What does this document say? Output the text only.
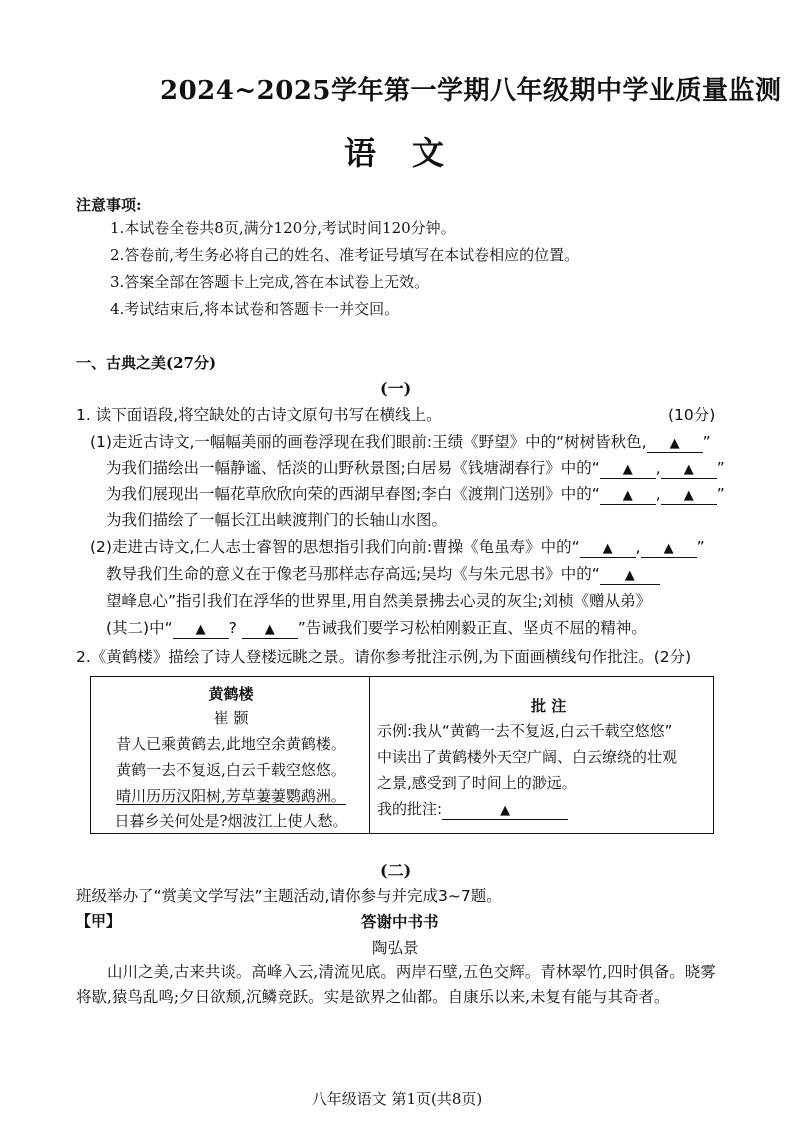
2024~2025学年第一学期八年级期中学业质量监测
语文
注意事项:
1.本试卷全卷共8页,满分120分,考试时间120分钟。
2.答卷前,考生务必将自己的姓名、准考证号填写在本试卷相应的位置。
3.答案全部在答题卡上完成,答在本试卷上无效。
4.考试结束后,将本试卷和答题卡一并交回。
一、古典之美(27分)
(一)
1. 读下面语段,将空缺处的古诗文原句书写在横线上。	(10分)
(1)走近古诗文,一幅幅美丽的画卷浮现在我们眼前:王绩《野望》中的“树树皆秋色, ▲ ”
为我们描绘出一幅静谧、恬淡的山野秋景图;白居易《钱塘湖春行》中的“ ▲ , ▲ ”
为我们展现出一幅花草欣欣向荣的西湖早春图;李白《渡荆门送别》中的“ ▲ , ▲ ”
为我们描绘了一幅长江出峡渡荆门的长轴山水图。
(2)走进古诗文,仁人志士睿智的思想指引我们向前:曹操《龟虽寿》中的“ ▲ , ▲ ”
教导我们生命的意义在于像老马那样志存高远;吴均《与朱元思书》中的“ ▲
望峰息心”指引我们在浮华的世界里,用自然美景拂去心灵的灰尘;刘桢《赠从弟》
(其二)中“ ▲ ? ▲ ”告诫我们要学习松柏刚毅正直、坚贞不屈的精神。
2.《黄鹤楼》描绘了诗人登楼远眺之景。请你参考批注示例,为下面画横线句作批注。(2分)
黄鹤楼
崔 颢
昔人已乘黄鹤去,此地空余黄鹤楼。
黄鹤一去不复返,白云千载空悠悠。
晴川历历汉阳树,芳草萋萋鹦鹉洲。
日暮乡关何处是?烟波江上使人愁。
批 注
示例:我从“黄鹤一去不复返,白云千载空悠悠”
中读出了黄鹤楼外天空广阔、白云缭绕的壮观
之景,感受到了时间上的渺远。
我的批注:	▲
(二)
班级举办了“赏美文学写法”主题活动,请你参与并完成3~7题。
【甲】	答谢中书书
陶弘景
山川之美,古来共谈。高峰入云,清流见底。两岸石壁,五色交辉。青林翠竹,四时俱备。晓雾将歇,猿鸟乱鸣;夕日欲颓,沉鳞竞跃。实是欲界之仙都。自康乐以来,未复有能与其奇者。
八年级语文 第1页(共8页)
